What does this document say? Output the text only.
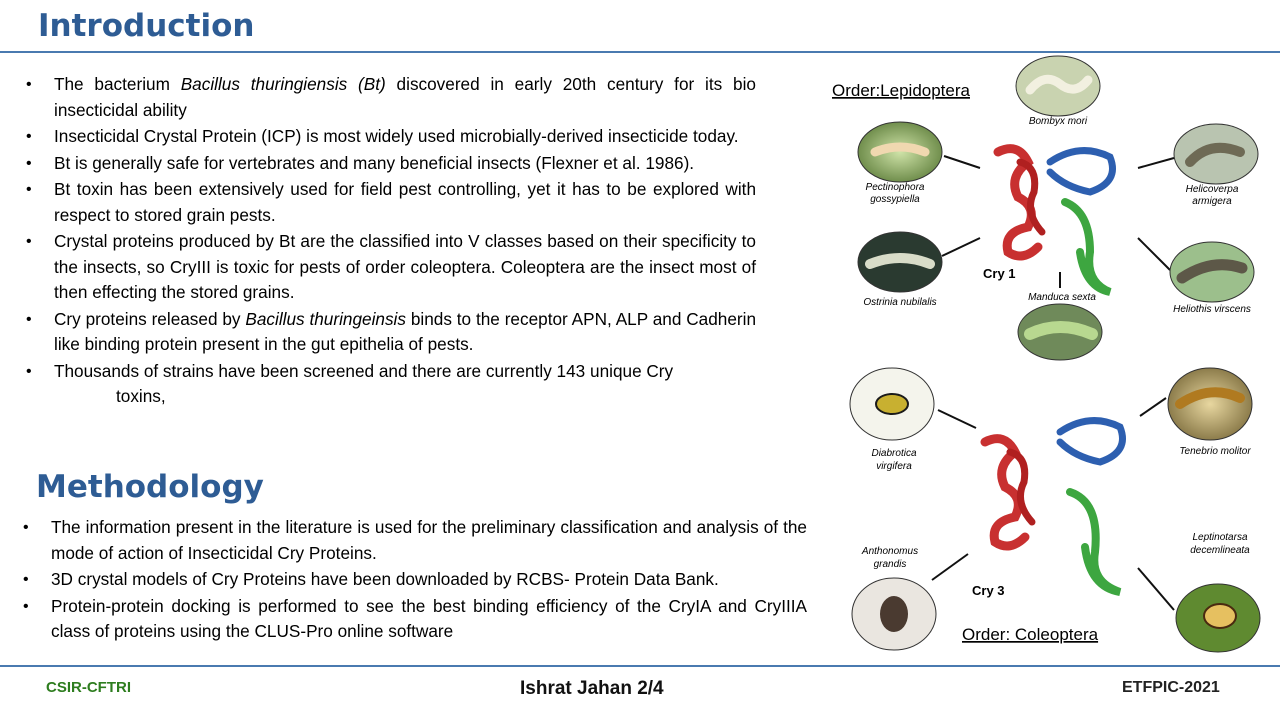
Introduction
• The bacterium Bacillus thuringiensis (Bt) discovered in early 20th century for its bio insecticidal ability
• Insecticidal Crystal Protein (ICP) is most widely used microbially-derived insecticide today.
• Bt is generally safe for vertebrates and many beneficial insects (Flexner et al. 1986).
• Bt toxin has been extensively used for field pest controlling, yet it has to be explored with respect to stored grain pests.
• Crystal proteins produced by Bt are the classified into V classes based on their specificity to the insects, so CryIII is toxic for pests of order coleoptera. Coleoptera are the insect most of then effecting the stored grains.
• Cry proteins released by Bacillus thuringeinsis binds to the receptor APN, ALP and Cadherin like binding protein present in the gut epithelia of pests.
• Thousands of strains have been screened and there are currently 143 unique Cry
toxins,
Methodology
• The information present in the literature is used for the preliminary classification and analysis of the mode of action of Insecticidal Cry Proteins.
• 3D crystal models of Cry Proteins have been downloaded by RCBS- Protein Data Bank.
• Protein-protein docking is performed to see the best binding efficiency of the CryIA and CryIIIA class of proteins using the CLUS-Pro online software
Order:Lepidoptera
Bombyx mori
Pectinophora
gossypiella
Helicoverpa
armigera
Cry 1
Ostrinia nubilalis	Manduca sexta
Heliothis virscens
Diabrotica
virgifera
Tenebrio molitor
Cry 3
Anthonomus
grandis
Leptinotarsa
decemlineata
Order: Coleoptera
CSIR-CFTRI	Ishrat Jahan 2/4	ETFPIC-2021
